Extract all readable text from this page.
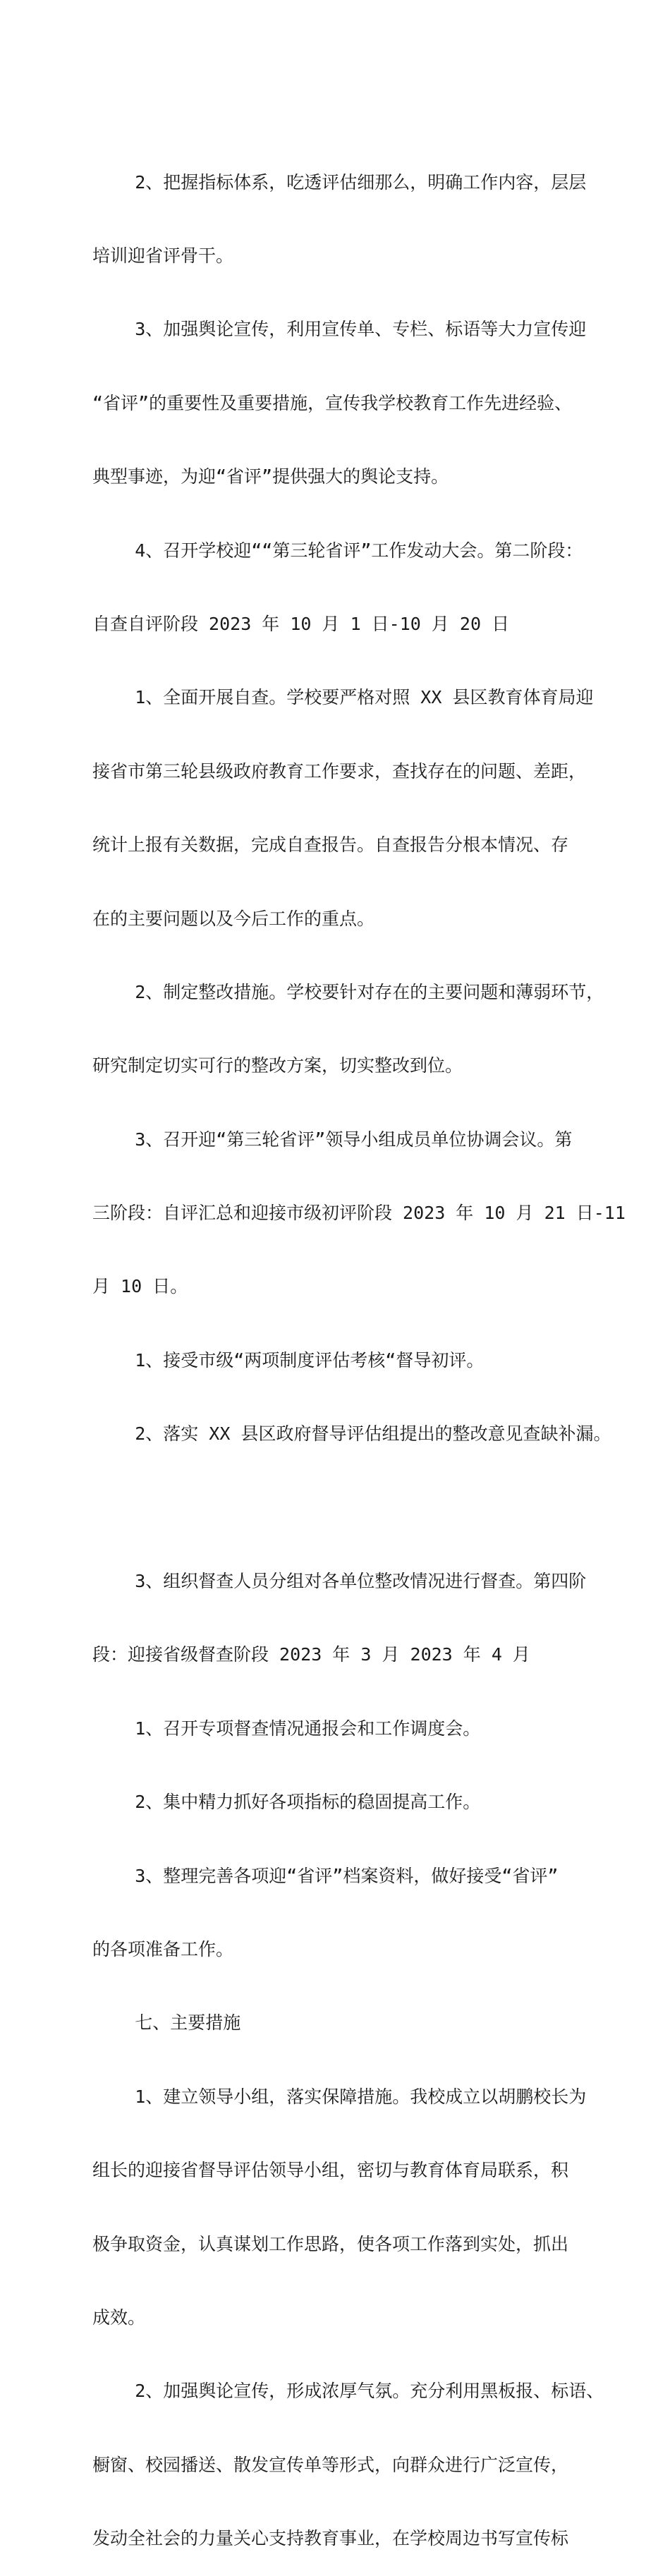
2、把握指标体系，吃透评估细那么，明确工作内容，层层

培训迎省评骨干。

3、加强舆论宣传，利用宣传单、专栏、标语等大力宣传迎

“省评”的重要性及重要措施，宣传我学校教育工作先进经验、

典型事迹，为迎“省评”提供强大的舆论支持。

4、召开学校迎““第三轮省评”工作发动大会。第二阶段：

自查自评阶段 2023 年 10 月 1 日-10 月 20 日

1、全面开展自查。学校要严格对照 XX 县区教育体育局迎

接省市第三轮县级政府教育工作要求，查找存在的问题、差距，

统计上报有关数据，完成自查报告。自查报告分根本情况、存

在的主要问题以及今后工作的重点。

2、制定整改措施。学校要针对存在的主要问题和薄弱环节，

研究制定切实可行的整改方案，切实整改到位。

3、召开迎“第三轮省评”领导小组成员单位协调会议。第

三阶段：自评汇总和迎接市级初评阶段 2023 年 10 月 21 日-11

月 10 日。

1、接受市级“两项制度评估考核“督导初评。

2、落实 XX 县区政府督导评估组提出的整改意见查缺补漏。

3、组织督查人员分组对各单位整改情况进行督查。第四阶

段：迎接省级督查阶段 2023 年 3 月 2023 年 4 月

1、召开专项督查情况通报会和工作调度会。

2、集中精力抓好各项指标的稳固提高工作。

3、整理完善各项迎“省评”档案资料，做好接受“省评”

的各项准备工作。

七、主要措施

1、建立领导小组，落实保障措施。我校成立以胡鹏校长为

组长的迎接省督导评估领导小组，密切与教育体育局联系，积

极争取资金，认真谋划工作思路，使各项工作落到实处，抓出

成效。

2、加强舆论宣传，形成浓厚气氛。充分利用黑板报、标语、

橱窗、校园播送、散发宣传单等形式，向群众进行广泛宣传，

发动全社会的力量关心支持教育事业，在学校周边书写宣传标
